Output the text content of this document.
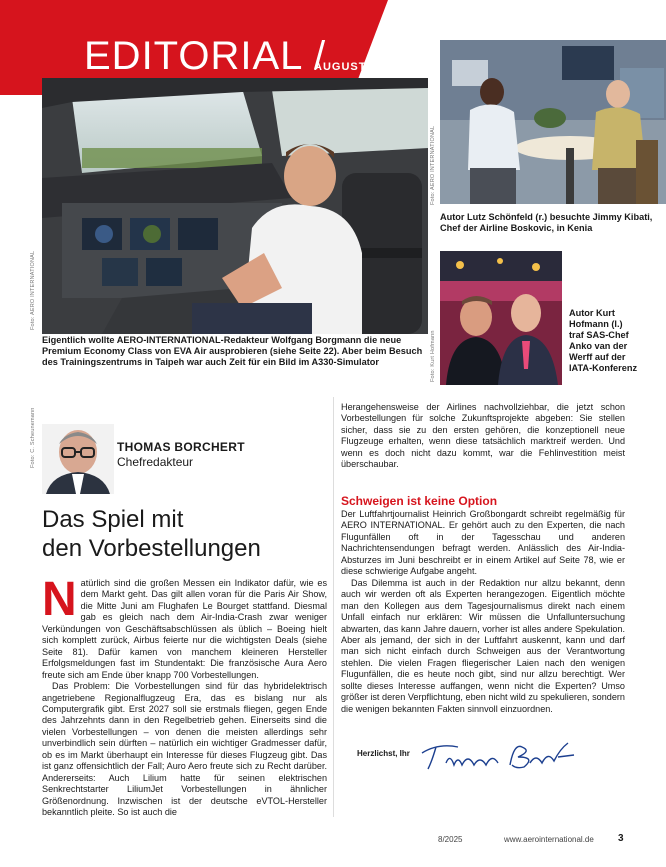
EDITORIAL /
AUGUST
Foto: AERO INTERNATIONAL
Eigentlich wollte AERO-INTERNATIONAL-Redakteur Wolfgang Borgmann die neue Premium Economy Class von EVA Air ausprobieren (siehe Seite 22). Aber beim Besuch des Trainingszentrums in Taipeh war auch Zeit für ein Bild im A330-Simulator
Foto: AERO INTERNATIONAL
Autor Lutz Schönfeld (r.) besuchte Jimmy Kibati, Chef der Airline Boskovic, in Kenia
Foto: Kurt Hofmann
Autor Kurt Hofmann (l.) traf SAS-Chef Anko van der Werff auf der IATA-Konferenz
Foto: C. Scheunemann	THOMAS BORCHERT
Chefredakteur
Das Spiel mit
den Vorbestellungen

Natürlich sind die großen Messen ein Indikator dafür, wie es dem Markt geht. Das gilt allen voran für die Paris Air Show, die Mitte Juni am Flughafen Le Bourget stattfand. Diesmal gab es gleich nach dem Air-India-Crash zwar weniger Verkündungen von Geschäftsabschlüssen als üblich – Boeing hielt sich komplett zurück, Airbus feierte nur die wichtigsten Deals (siehe Seite 81). Dafür kamen von manchem kleineren Hersteller Erfolgsmeldungen fast im Stundentakt: Die französische Aura Aero freute sich am Ende über knapp 700 Vorbestellungen.

Das Problem: Die Vorbestellungen sind für das hybridelektrisch angetriebene Regionalflugzeug Era, das es bislang nur als Computergrafik gibt. Erst 2027 soll sie erstmals fliegen, gegen Ende des Jahrzehnts dann in den Regelbetrieb gehen. Einerseits sind die vielen Vorbestellungen – von denen die meisten allerdings sehr unverbindlich sein dürften – natürlich ein wichtiger Gradmesser dafür, ob es im Markt überhaupt ein Interesse für dieses Flugzeug gibt. Das ist ganz offensichtlich der Fall; Auro Aero freute sich zu Recht darüber. Andererseits: Auch Lilium hatte für seinen elektrischen Senkrechtstarter LiliumJet Vorbestellungen in ähnlicher Größenordnung. Inzwischen ist der deutsche eVTOL-Hersteller bekanntlich pleite. So ist auch die

Herangehensweise der Airlines nachvollziehbar, die jetzt schon Vorbestellungen für solche Zukunftsprojekte abgeben: Sie stellen sicher, dass sie zu den ersten gehören, die konzeptionell neue Flugzeuge erhalten, wenn diese tatsächlich marktreif werden. Und wenn es doch nicht dazu kommt, war die Fehlinvestition meist überschaubar.

Schweigen ist keine Option

Der Luftfahrtjournalist Heinrich Großbongardt schreibt regelmäßig für AERO INTERNATIONAL. Er gehört auch zu den Experten, die nach Flugunfällen oft in der Tagesschau und anderen Nachrichtensendungen befragt werden. Anlässlich des Air-India-Absturzes im Juni beschreibt er in einem Artikel auf Seite 78, wie er diese schwierige Aufgabe angeht.

Das Dilemma ist auch in der Redaktion nur allzu bekannt, denn auch wir werden oft als Experten herangezogen. Eigentlich möchte man den Kollegen aus dem Tagesjournalismus direkt nach einem Unfall einfach nur erklären: Wir müssen die Unfalluntersuchung abwarten, das kann Jahre dauern, vorher ist alles andere Spekulation. Aber als jemand, der sich in der Luftfahrt auskennt, kann und darf man sich nicht einfach durch Schweigen aus der Verantwortung stehlen. Die vielen Fragen fliegerischer Laien nach den wenigen Flugunfällen, die es heute noch gibt, sind nur allzu berechtigt. Wer sollte dieses Interesse auffangen, wenn nicht die Experten? Umso größer ist deren Verpflichtung, eben nicht wild zu spekulieren, sondern die wenigen bekannten Fakten sinnvoll einzuordnen.

Herzlichst, Ihr
8/2025	www.aerointernational.de 3
